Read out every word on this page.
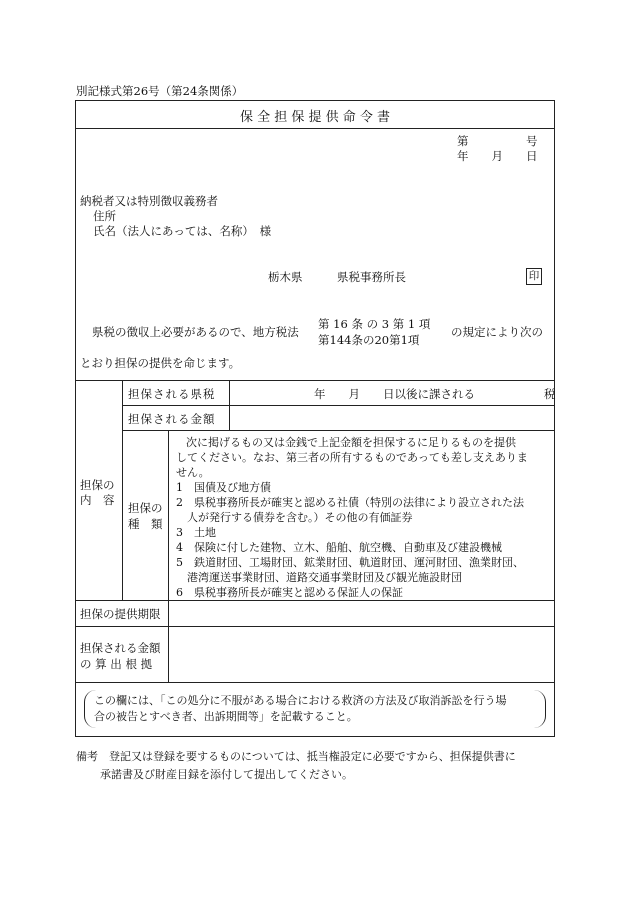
別記様式第26号（第24条関係）
保 全 担 保 提 供 命 令 書
第　　　　　号
年　　月　　日
納税者又は特別徴収義務者
住所
氏名（法人にあっては、名称）　様
栃木県	県税事務所長	印
県税の徴収上必要があるので、地方税法
第 16 条 の 3 第 1 項
第144条の20第1項
の規定により次の
とおり担保の提供を命じます。
担保される県税	年　　月　　日以後に課される　　　　　　税
担保される金額
担保の
内　容
担保の
種　類
次に掲げるもの又は金銭で上記金額を担保するに足りるものを提供
してください。なお、第三者の所有するものであっても差し支えありま
せん。
1　国債及び地方債
2　県税事務所長が確実と認める社債（特別の法律により設立された法
人が発行する債券を含む。）その他の有価証券
3　土地
4　保険に付した建物、立木、船舶、航空機、自動車及び建設機械
5　鉄道財団、工場財団、鉱業財団、軌道財団、運河財団、漁業財団、
港湾運送事業財団、道路交通事業財団及び観光施設財団
6　県税事務所長が確実と認める保証人の保証
担保の提供期限
担保される金額
の 算 出 根 拠
この欄には、「この処分に不服がある場合における救済の方法及び取消訴訟を行う場
合の被告とすべき者、出訴期間等」を記載すること。
備考　登記又は登録を要するものについては、抵当権設定に必要ですから、担保提供書に
承諾書及び財産目録を添付して提出してください。
